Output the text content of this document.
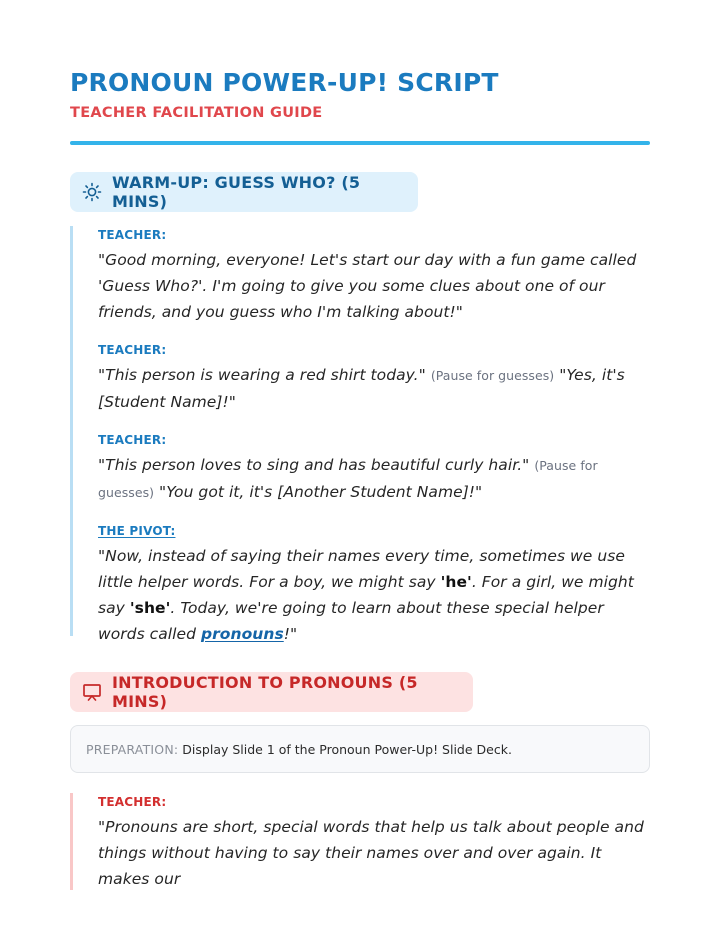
PRONOUN POWER-UP! SCRIPT
TEACHER FACILITATION GUIDE
WARM-UP: GUESS WHO? (5 MINS)

TEACHER:

"Good morning, everyone! Let's start our day with a fun game called 'Guess Who?'. I'm going to give you some clues about one of our friends, and you guess who I'm talking about!"

TEACHER:

"This person is wearing a red shirt today." (Pause for guesses) "Yes, it's [Student Name]!"

TEACHER:

"This person loves to sing and has beautiful curly hair." (Pause for guesses) "You got it, it's [Another Student Name]!"

THE PIVOT:

"Now, instead of saying their names every time, sometimes we use little helper words. For a boy, we might say 'he'. For a girl, we might say 'she'. Today, we're going to learn about these special helper words called pronouns!"

INTRODUCTION TO PRONOUNS (5 MINS)
PREPARATION: Display Slide 1 of the Pronoun Power-Up! Slide Deck.

TEACHER:

"Pronouns are short, special words that help us talk about people and things without having to say their names over and over again. It makes our
